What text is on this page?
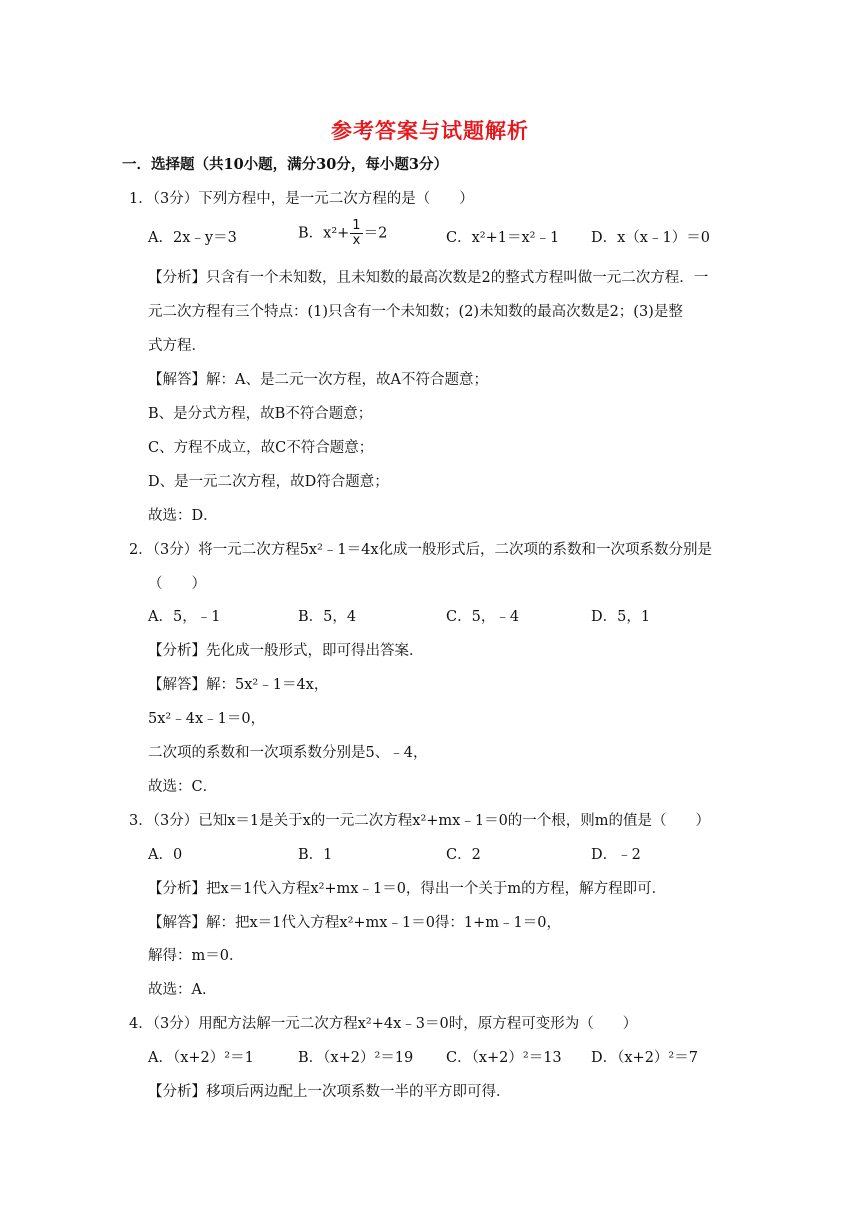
参考答案与试题解析
一．选择题（共10小题，满分30分，每小题3分）
1．（3分）下列方程中，是一元二次方程的是（　　）
A．2x﹣y＝3	B．$x^2+ \frac{1}{x} =2$	C．x²+1＝x²﹣1 D．x（x﹣1）＝0
【分析】只含有一个未知数，且未知数的最高次数是2的整式方程叫做一元二次方程．一
元二次方程有三个特点：(1)只含有一个未知数；(2)未知数的最高次数是2；(3)是整
式方程．
【解答】解：A、是二元一次方程，故A不符合题意；
B、是分式方程，故B不符合题意；
C、方程不成立，故C不符合题意；
D、是一元二次方程，故D符合题意；
故选：D．
2．（3分）将一元二次方程5x²﹣1＝4x化成一般形式后，二次项的系数和一次项系数分别是
（　　）
A．5，﹣1	B．5，4	C．5，﹣4	D．5，1
【分析】先化成一般形式，即可得出答案．
【解答】解：5x²﹣1＝4x，
5x²﹣4x﹣1＝0，
二次项的系数和一次项系数分别是5、﹣4，
故选：C．
3．（3分）已知x＝1是关于x的一元二次方程x²+mx﹣1＝0的一个根，则m的值是（　　）
A．0	B．1	C．2	D．﹣2
【分析】把x＝1代入方程x²+mx﹣1＝0，得出一个关于m的方程，解方程即可．
【解答】解：把x＝1代入方程x²+mx﹣1＝0得：1+m﹣1＝0，
解得：m＝0．
故选：A．
4．（3分）用配方法解一元二次方程x²+4x﹣3＝0时，原方程可变形为（　　）
A．（x+2）²＝1	B．（x+2）²＝19 C．（x+2）²＝13 D．（x+2）²＝7
【分析】移项后两边配上一次项系数一半的平方即可得．
